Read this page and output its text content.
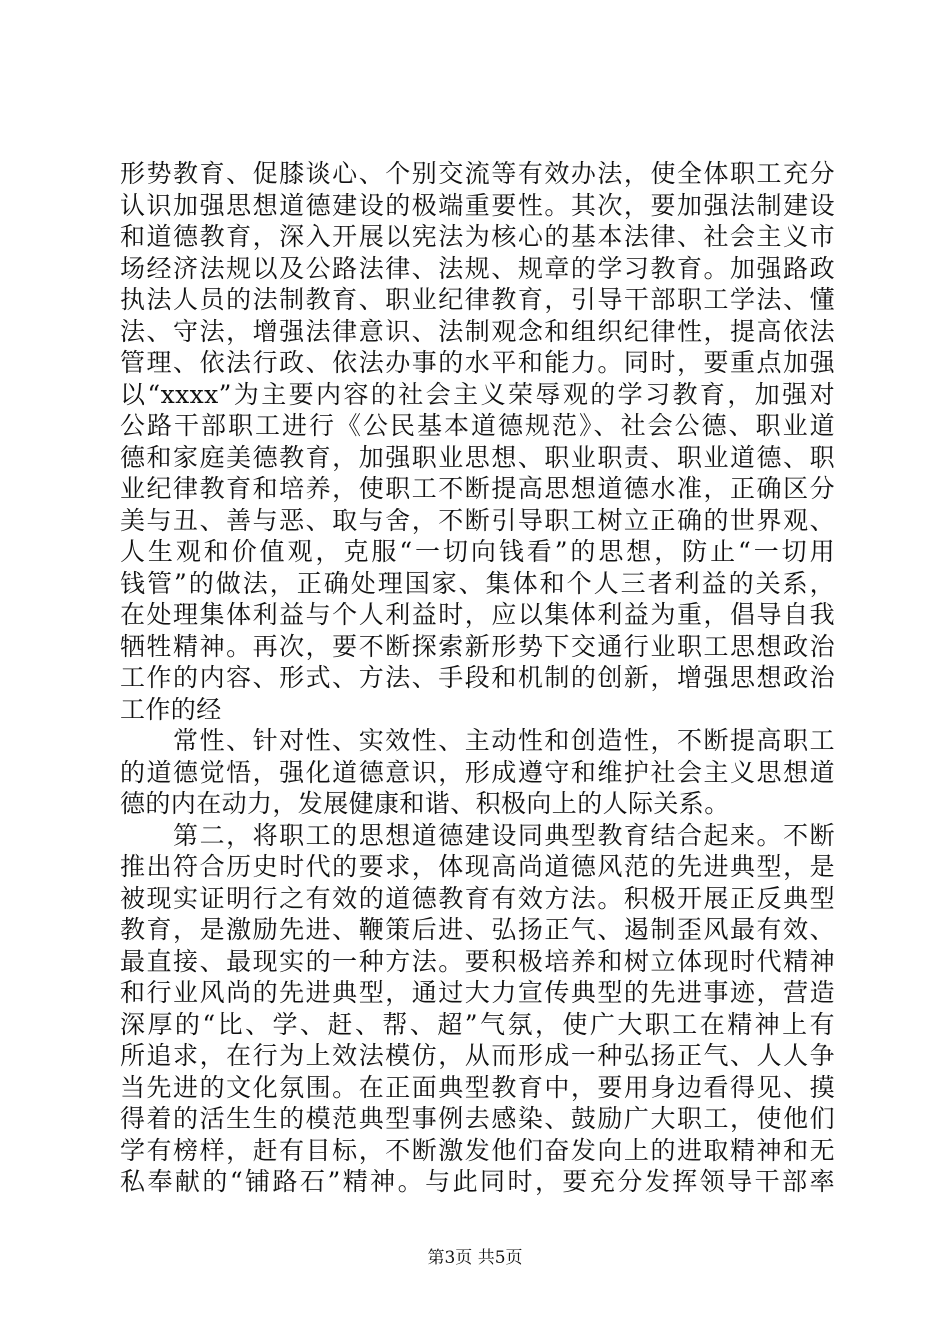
形势教育、促膝谈心、个别交流等有效办法，使全体职工充分
认识加强思想道德建设的极端重要性。其次，要加强法制建设
和道德教育，深入开展以宪法为核心的基本法律、社会主义市
场经济法规以及公路法律、法规、规章的学习教育。加强路政
执法人员的法制教育、职业纪律教育，引导干部职工学法、懂
法、守法，增强法律意识、法制观念和组织纪律性，提高依法
管理、依法行政、依法办事的水平和能力。同时，要重点加强
以“xxxx”为主要内容的社会主义荣辱观的学习教育，加强对
公路干部职工进行《公民基本道德规范》、社会公德、职业道
德和家庭美德教育，加强职业思想、职业职责、职业道德、职
业纪律教育和培养，使职工不断提高思想道德水准，正确区分
美与丑、善与恶、取与舍，不断引导职工树立正确的世界观、
人生观和价值观，克服“一切向钱看”的思想，防止“一切用
钱管”的做法，正确处理国家、集体和个人三者利益的关系，
在处理集体利益与个人利益时，应以集体利益为重，倡导自我
牺牲精神。再次，要不断探索新形势下交通行业职工思想政治
工作的内容、形式、方法、手段和机制的创新，增强思想政治
工作的经
　　常性、针对性、实效性、主动性和创造性，不断提高职工
的道德觉悟，强化道德意识，形成遵守和维护社会主义思想道
德的内在动力，发展健康和谐、积极向上的人际关系。
　　第二，将职工的思想道德建设同典型教育结合起来。不断
推出符合历史时代的要求，体现高尚道德风范的先进典型，是
被现实证明行之有效的道德教育有效方法。积极开展正反典型
教育，是激励先进、鞭策后进、弘扬正气、遏制歪风最有效、
最直接、最现实的一种方法。要积极培养和树立体现时代精神
和行业风尚的先进典型，通过大力宣传典型的先进事迹，营造
深厚的“比、学、赶、帮、超”气氛，使广大职工在精神上有
所追求，在行为上效法模仿，从而形成一种弘扬正气、人人争
当先进的文化氛围。在正面典型教育中，要用身边看得见、摸
得着的活生生的模范典型事例去感染、鼓励广大职工，使他们
学有榜样，赶有目标，不断激发他们奋发向上的进取精神和无
私奉献的“铺路石”精神。与此同时，要充分发挥领导干部率
第3页 共5页
